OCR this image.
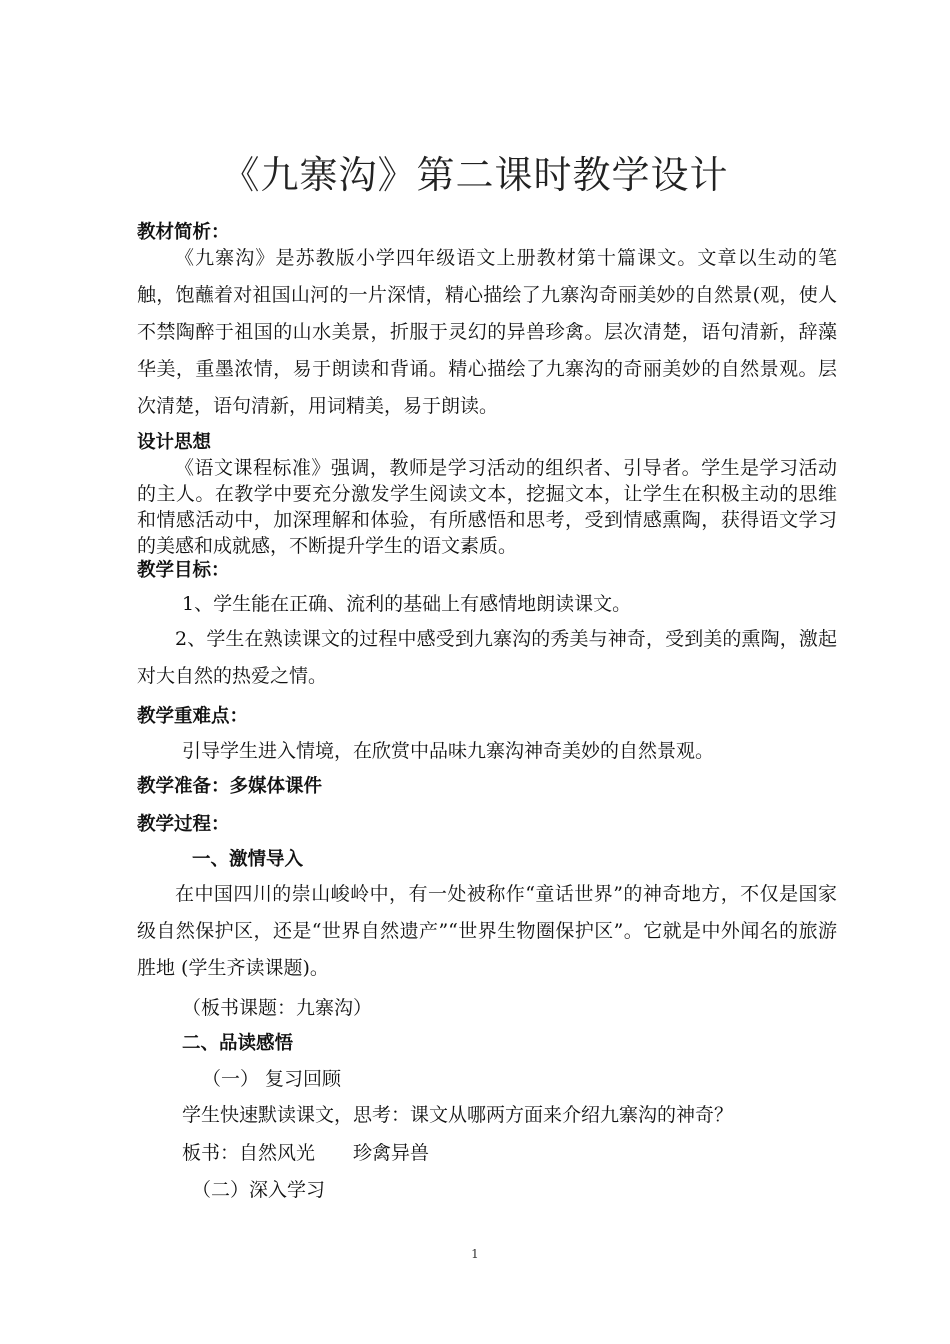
《九寨沟》第二课时教学设计
教材简析：

《九寨沟》是苏教版小学四年级语文上册教材第十篇课文。文章以生动的笔触，饱蘸着对祖国山河的一片深情，精心描绘了九寨沟奇丽美妙的自然景(观，使人不禁陶醉于祖国的山水美景，折服于灵幻的异兽珍禽。层次清楚，语句清新，辞藻华美，重墨浓情，易于朗读和背诵。精心描绘了九寨沟的奇丽美妙的自然景观。层次清楚，语句清新，用词精美，易于朗读。

设计思想

《语文课程标准》强调，教师是学习活动的组织者、引导者。学生是学习活动的主人。在教学中要充分激发学生阅读文本，挖掘文本，让学生在积极主动的思维和情感活动中，加深理解和体验，有所感悟和思考，受到情感熏陶，获得语文学习的美感和成就感，不断提升学生的语文素质。

教学目标：
1、学生能在正确、流利的基础上有感情地朗读课文。

2、学生在熟读课文的过程中感受到九寨沟的秀美与神奇，受到美的熏陶，激起对大自然的热爱之情。

教学重难点：
引导学生进入情境，在欣赏中品味九寨沟神奇美妙的自然景观。
教学准备：多媒体课件
教学过程：
一、激情导入

在中国四川的崇山峻岭中，有一处被称作“童话世界”的神奇地方，不仅是国家级自然保护区，还是“世界自然遗产”“世界生物圈保护区”。它就是中外闻名的旅游胜地 (学生齐读课题)。

（板书课题：九寨沟）
二、品读感悟
（一） 复习回顾
学生快速默读课文，思考：课文从哪两方面来介绍九寨沟的神奇？
板书：自然风光　　珍禽异兽
（二）深入学习
1
